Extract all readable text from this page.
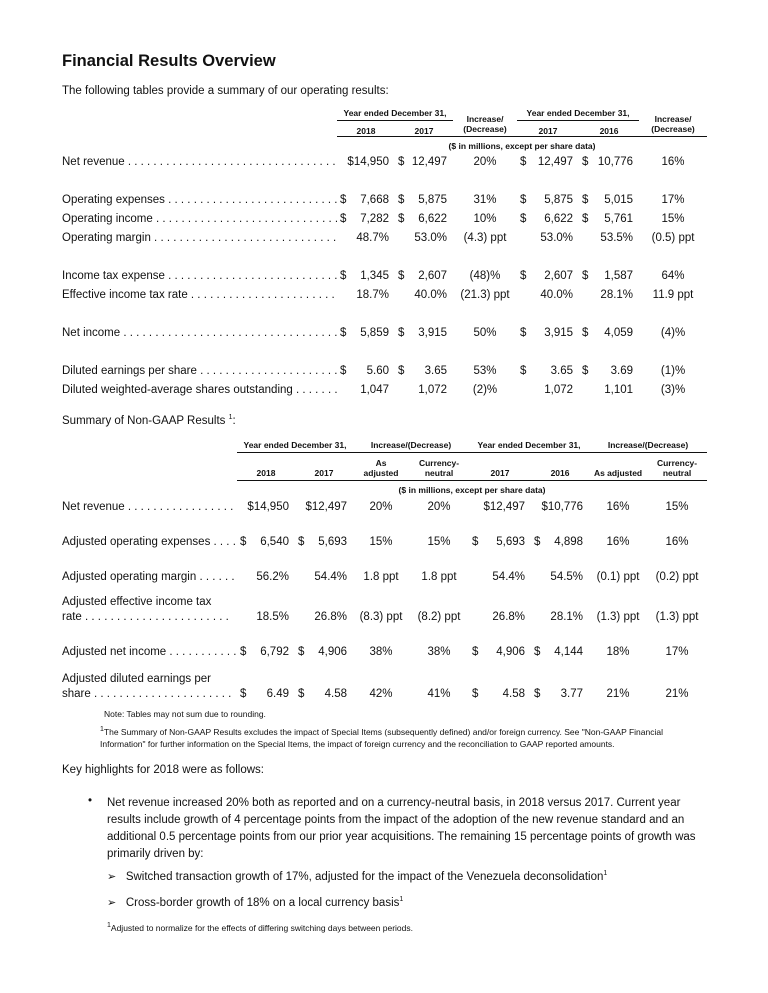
Financial Results Overview
The following tables provide a summary of our operating results:
	Year ended December 31,		Increase/ (Decrease)	Year ended December 31,		Increase/ (Decrease)
	2018	2017		2017	2016	
	($ in millions, except per share data)					

Net revenue . . .	$14,950	$ 12,497	20%	$ 12,497	$ 10,776	16%

Operating expenses . . .	$ 7,668	$ 5,875	31%	$ 5,875	$ 5,015	17%

Operating income . . .	$ 7,282	$ 6,622	10%	$ 6,622	$ 5,761	15%

Operating margin . . .	48.7%	53.0%	(4.3) ppt	53.0%	53.5%	(0.5) ppt

Income tax expense . . .	$ 1,345	$ 2,607	(48)%	$ 2,607	$ 1,587	64%

Effective income tax rate . . .	18.7%	40.0%	(21.3) ppt	40.0%	28.1%	11.9 ppt

Net income . . .	$ 5,859	$ 3,915	50%	$ 3,915	$ 4,059	(4)%

Diluted earnings per share . . .	$ 5.60	$ 3.65	53%	$ 3.65	$ 3.69	(1)%

Diluted weighted-average shares outstanding . . .	1,047	1,072	(2)%	1,072	1,101	(3)%
Summary of Non-GAAP Results $^1$:
	Year ended December 31,		Increase/(Decrease)		Year ended December 31,		Increase/(Decrease)	
	2018	2017	As adjusted	Currency-neutral	2017	2016	As adjusted	Currency-neutral
	($ in millions, except per share data)							

Net revenue . . .	$14,950	$12,497	20%	20%	$12,497	$10,776	16%	15%

Adjusted operating expenses . . .	$ 6,540	$ 5,693	15%	15%	$ 5,693	$ 4,898	16%	16%

Adjusted operating margin . . .	56.2%	54.4%	1.8 ppt	1.8 ppt	54.4%	54.5%	(0.1) ppt	(0.2) ppt

Adjusted effective income tax rate . . .	18.5%	26.8%	(8.3) ppt	(8.2) ppt	26.8%	28.1%	(1.3) ppt	(1.3) ppt

Adjusted net income . . .	$ 6,792	$ 4,906	38%	38%	$ 4,906	$ 4,144	18%	17%

Adjusted diluted earnings per share . . .	$ 6.49	$ 4.58	42%	41%	$ 4.58	$ 3.77	21%	21%
Note: Tables may not sum due to rounding.
$^1$The Summary of Non-GAAP Results excludes the impact of Special Items (subsequently defined) and/or foreign currency. See "Non-GAAP Financial Information" for further information on the Special Items, the impact of foreign currency and the reconciliation to GAAP reported amounts.
Key highlights for 2018 were as follows:
• Net revenue increased 20% both as reported and on a currency-neutral basis, in 2018 versus 2017. Current year results include growth of 4 percentage points from the impact of the adoption of the new revenue standard and an additional 0.5 percentage points from our prior year acquisitions. The remaining 15 percentage points of growth was primarily driven by:
➢ Switched transaction growth of 17%, adjusted for the impact of the Venezuela deconsolidation$^1$
➢ Cross-border growth of 18% on a local currency basis$^1$
$^1$Adjusted to normalize for the effects of differing switching days between periods.
